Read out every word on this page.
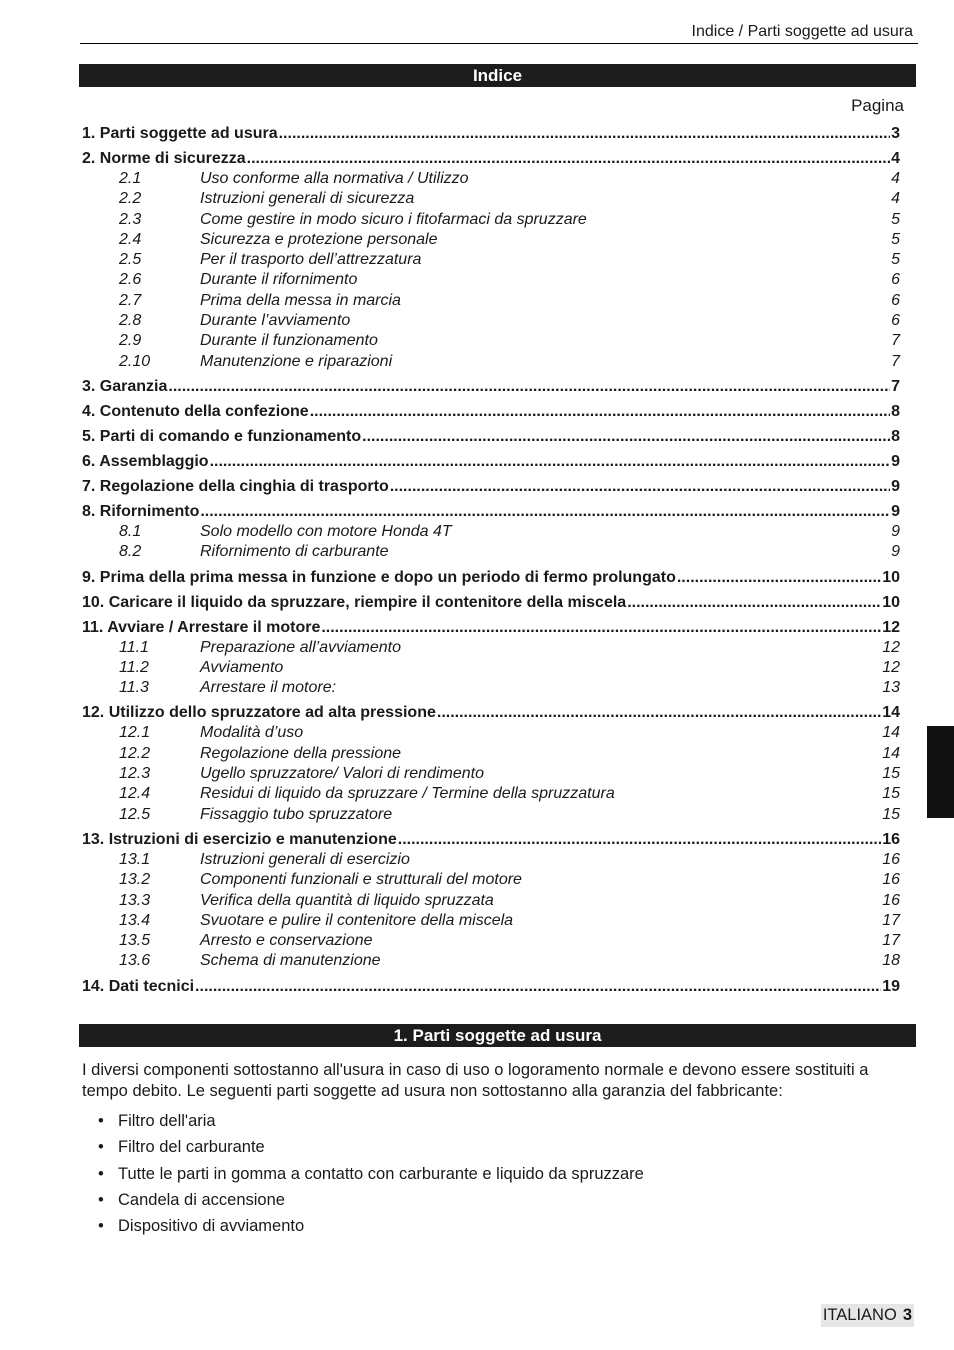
Indice / Parti soggette ad usura
Indice
Pagina
1. Parti soggette ad usura .....	3
2. Norme di sicurezza .....	4
2.1	Uso conforme alla normativa / Utilizzo	4
2.2	Istruzioni generali di sicurezza	4
2.3	Come gestire in modo sicuro i fitofarmaci da spruzzare	5
2.4	Sicurezza e protezione personale	5
2.5	Per il trasporto dell’attrezzatura	5
2.6	Durante il rifornimento	6
2.7	Prima della messa in marcia	6
2.8	Durante l’avviamento	6
2.9	Durante il funzionamento	7
2.10	Manutenzione e riparazioni	7
3. Garanzia .....	7
4. Contenuto della confezione .....	8
5. Parti di comando e funzionamento .....	8
6. Assemblaggio .....	9
7. Regolazione della cinghia di trasporto .....	9
8. Rifornimento .....	9
8.1	Solo modello con motore Honda 4T	9
8.2	Rifornimento di carburante	9
9. Prima della prima messa in funzione e dopo un periodo di fermo prolungato .....	10
10. Caricare il liquido da spruzzare, riempire il contenitore della miscela .....	10
11. Avviare / Arrestare il motore .....	12
11.1	Preparazione all’avviamento	12
11.2	Avviamento	12
11.3	Arrestare il motore:	13
12. Utilizzo dello spruzzatore ad alta pressione .....	14
12.1	Modalità d’uso	14
12.2	Regolazione della pressione	14
12.3	Ugello spruzzatore/ Valori di rendimento	15
12.4	Residui di liquido da spruzzare / Termine della spruzzatura	15
12.5	Fissaggio tubo spruzzatore	15
13. Istruzioni di esercizio e manutenzione .....	16
13.1	Istruzioni generali di esercizio	16
13.2	Componenti funzionali e strutturali del motore	16
13.3	Verifica della quantità di liquido spruzzata	16
13.4	Svuotare e pulire il contenitore della miscela	17
13.5	Arresto e conservazione	17
13.6	Schema di manutenzione	18
14. Dati tecnici .....	19
1. Parti soggette ad usura
I diversi componenti sottostanno all'usura in caso di uso o logoramento normale e devono essere sostituiti a tempo debito. Le seguenti parti soggette ad usura non sottostanno alla garanzia del fabbricante:
• Filtro dell'aria
• Filtro del carburante
• Tutte le parti in gomma a contatto con carburante e liquido da spruzzare
• Candela di accensione
• Dispositivo di avviamento
ITALIANO 3
